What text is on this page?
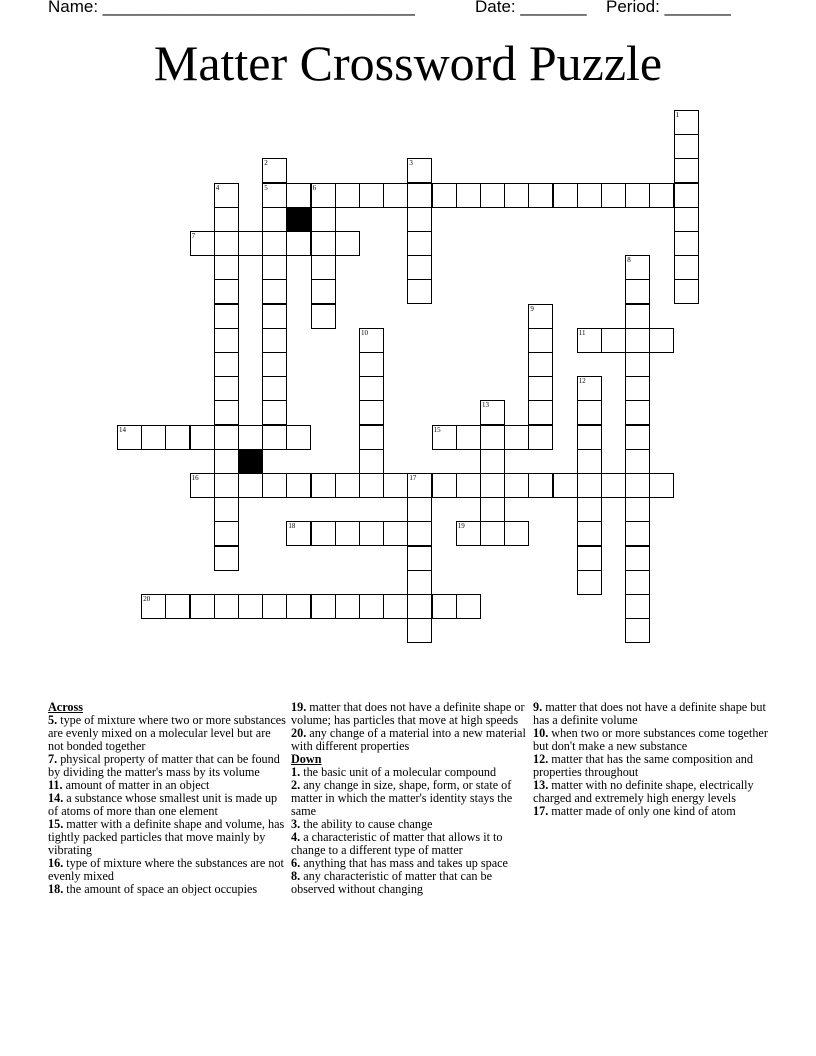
Name: _________________________________	Date: _______ Period: _______
Matter Crossword Puzzle
5
7
11
14	15
16
18	19
20
1
2	3
4	6
8
9
10
12
13
17
Across
5. type of mixture where two or more substances are evenly mixed on a molecular level but are not bonded together
7. physical property of matter that can be found by dividing the matter's mass by its volume
11. amount of matter in an object
14. a substance whose smallest unit is made up of atoms of more than one element
15. matter with a definite shape and volume, has tightly packed particles that move mainly by vibrating
16. type of mixture where the substances are not evenly mixed
18. the amount of space an object occupies
19. matter that does not have a definite shape or volume; has particles that move at high speeds
20. any change of a material into a new material with different properties
Down
1. the basic unit of a molecular compound
2. any change in size, shape, form, or state of matter in which the matter's identity stays the same
3. the ability to cause change
4. a characteristic of matter that allows it to change to a different type of matter
6. anything that has mass and takes up space
8. any characteristic of matter that can be observed without changing
9. matter that does not have a definite shape but has a definite volume
10. when two or more substances come together but don't make a new substance
12. matter that has the same composition and properties throughout
13. matter with no definite shape, electrically charged and extremely high energy levels
17. matter made of only one kind of atom
